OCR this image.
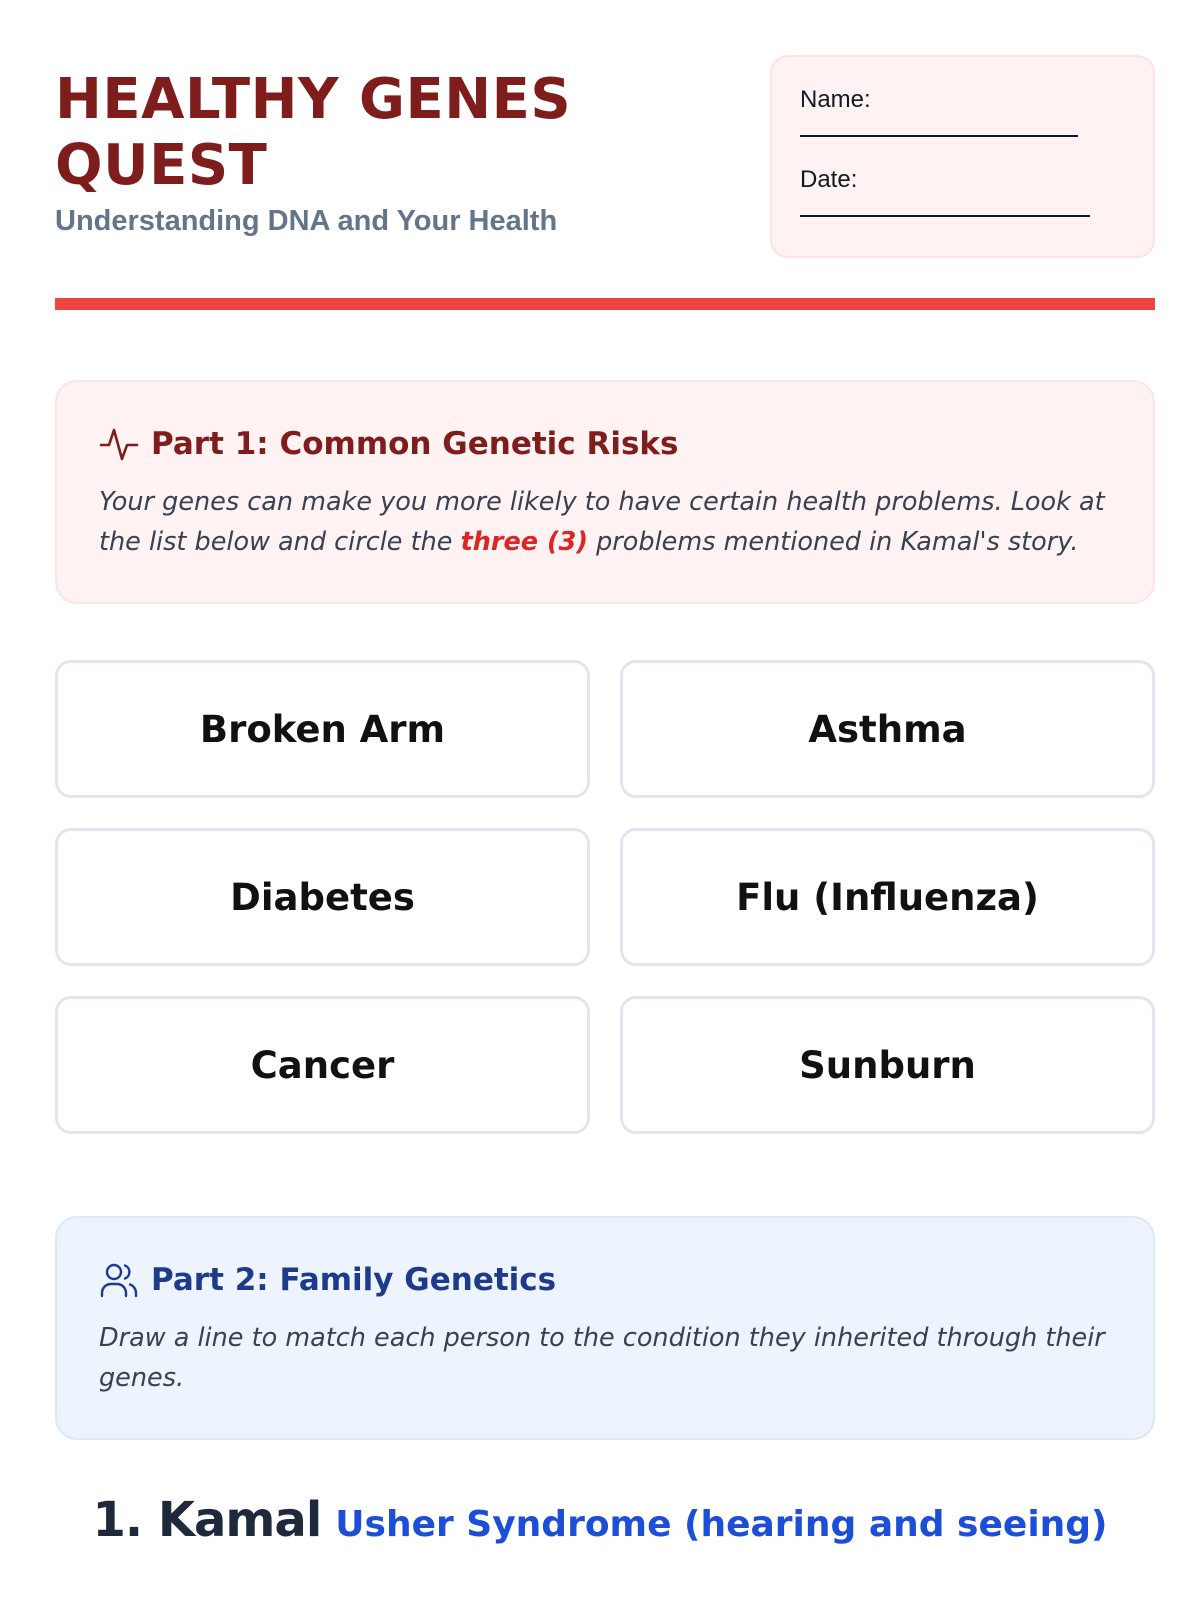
HEALTHY GENES QUEST

Understanding DNA and Your Health

Name:
Date:
Part 1: Common Genetic Risks
Your genes can make you more likely to have certain health problems. Look at the list below and circle the three (3) problems mentioned in Kamal's story.
Broken Arm	Asthma
Diabetes	Flu (Influenza)
Cancer	Sunburn
Part 2: Family Genetics
Draw a line to match each person to the condition they inherited through their genes.
1. Kamal Usher Syndrome (hearing and seeing)
